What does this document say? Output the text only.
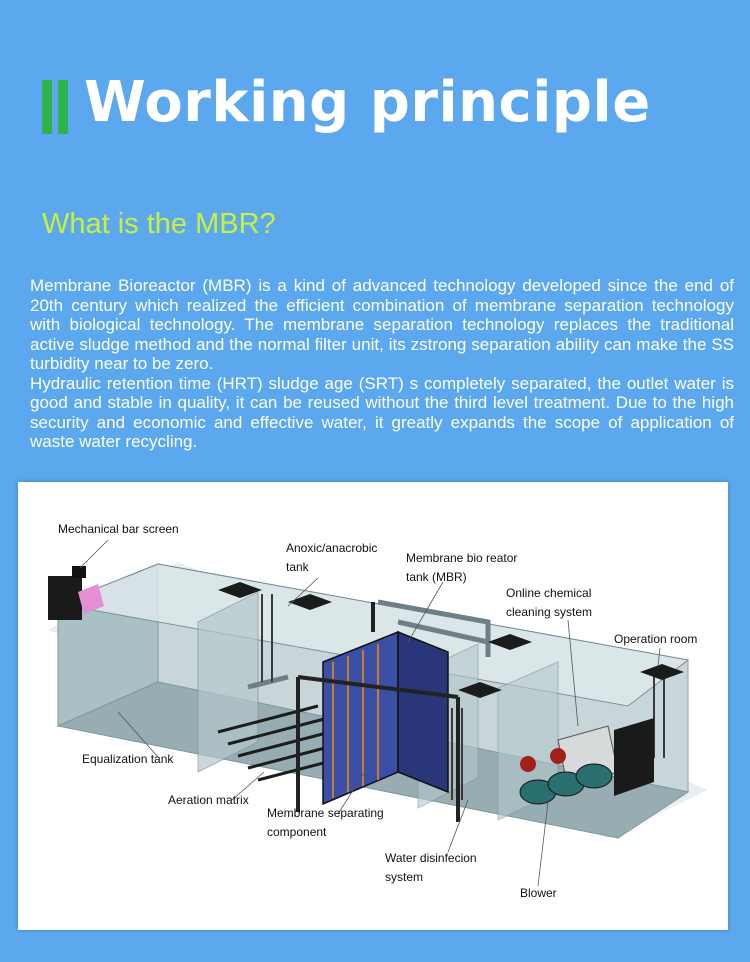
Working principle
What is the MBR?

Membrane Bioreactor (MBR) is a kind of advanced technology developed since the end of 20th century which realized the efficient combination of membrane separation technology with biological technology. The membrane separation technology replaces the traditional active sludge method and the normal filter unit, its zstrong separation ability can make the SS turbidity near to be zero.

Hydraulic retention time (HRT) sludge age (SRT) s completely separated, the outlet water is good and stable in quality, it can be reused without the third level treatment. Due to the high security and economic and effective water, it greatly expands the scope of application of waste water recycling.

Mechanical bar screen
Anoxic/anacrobic
tank
Membrane bio reator
tank (MBR)
Online chemical
cleaning system
Operation room
Equalization tank
Aeration matrix
Membrane separating
component
Water disinfecion
system
Blower
